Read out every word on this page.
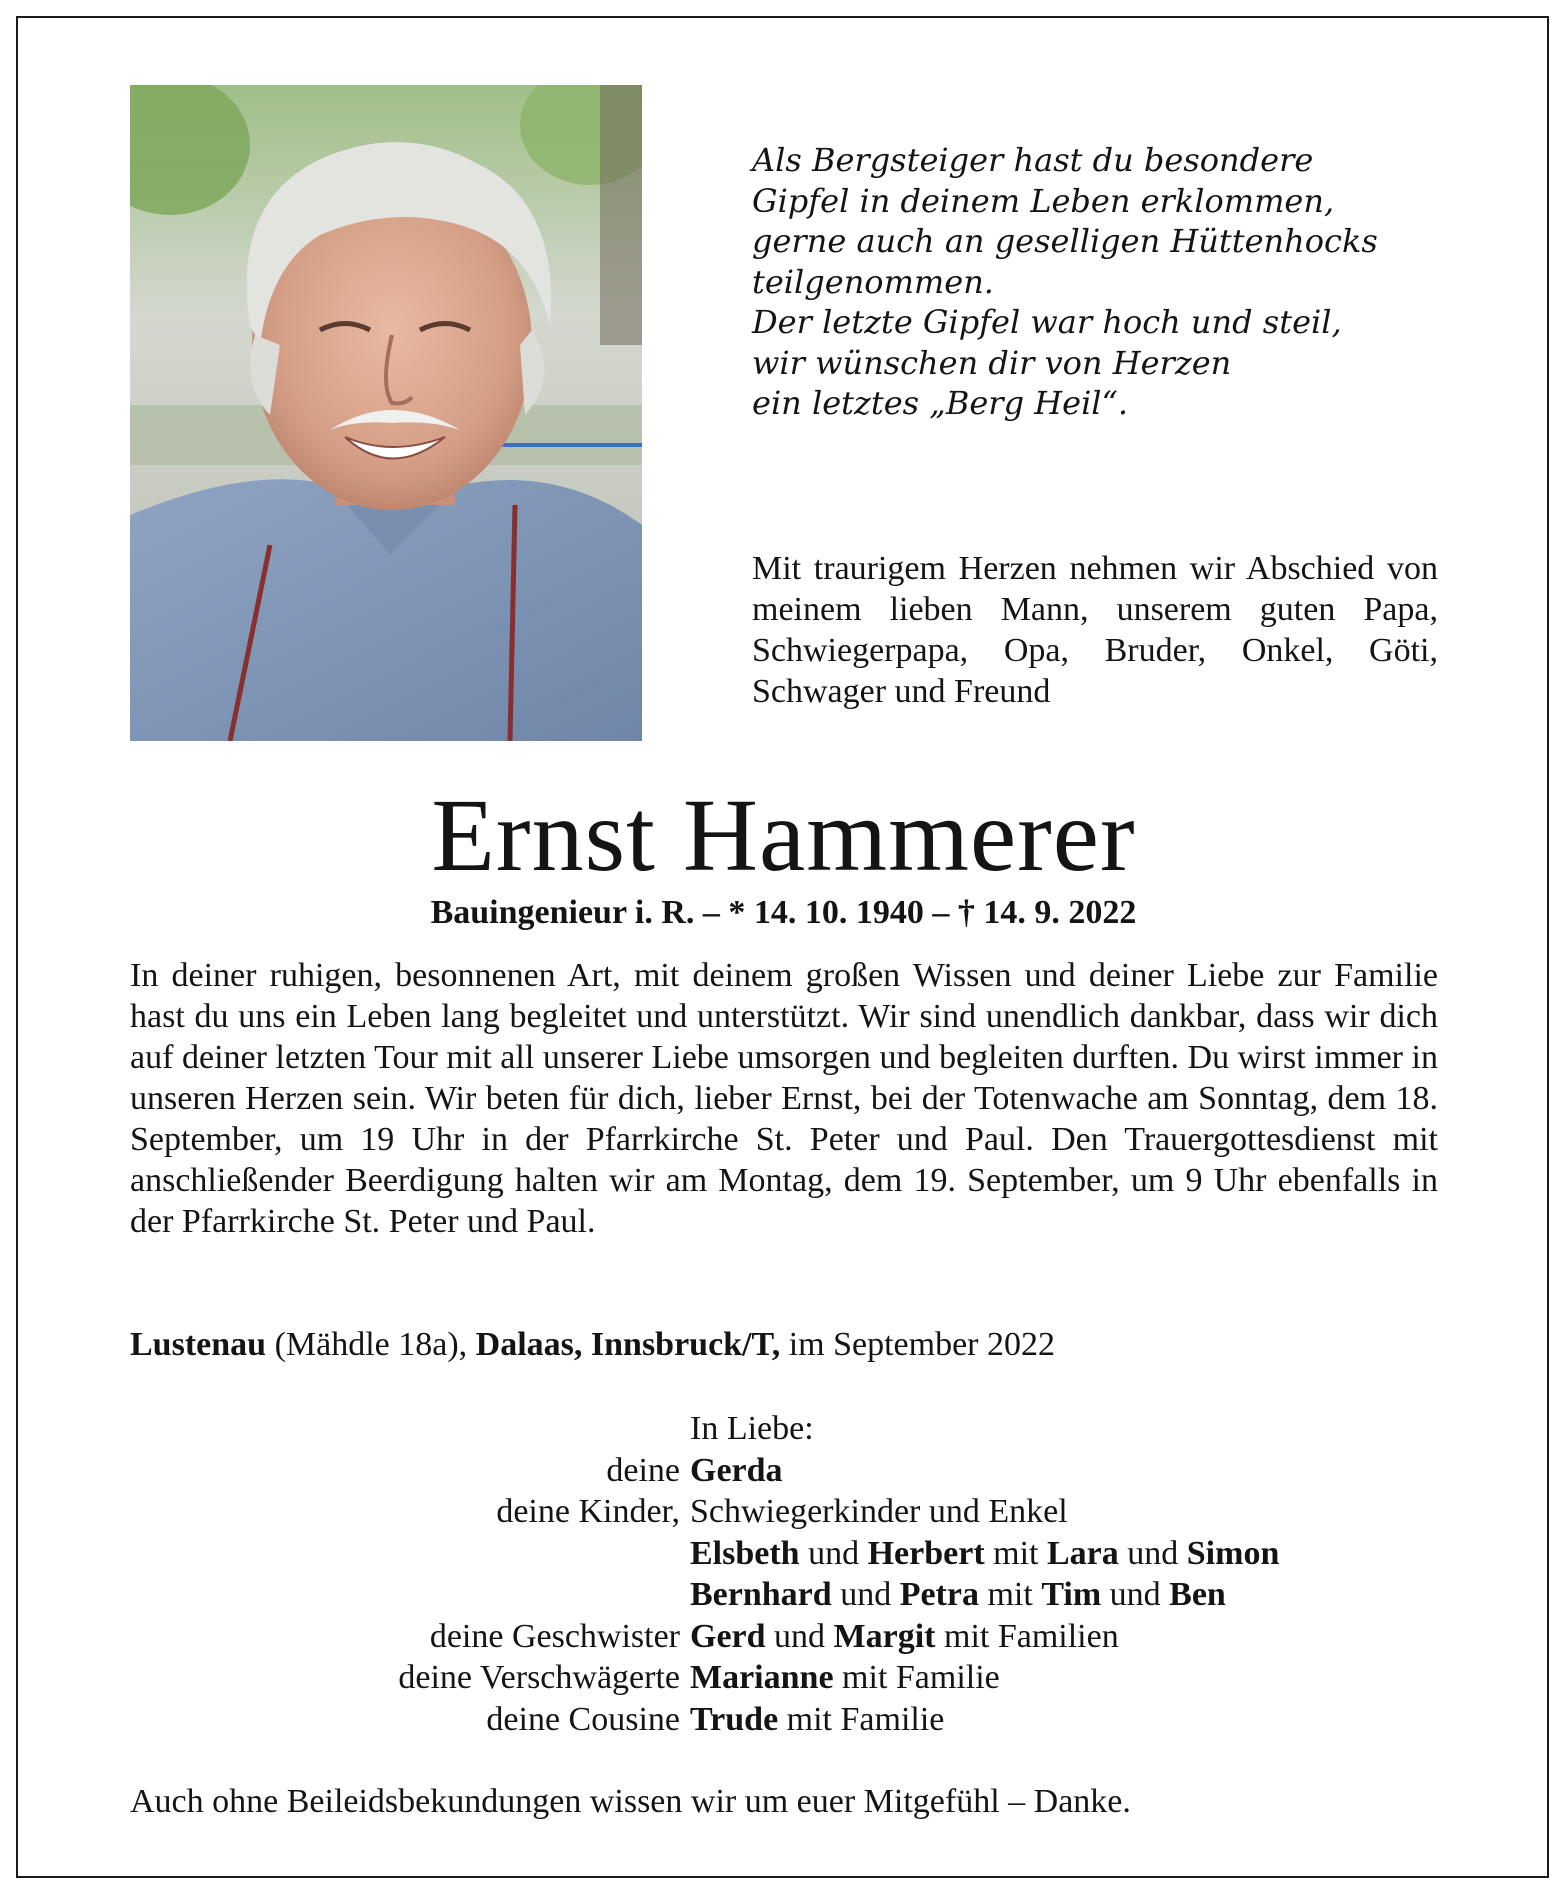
Als Bergsteiger hast du besondere
Gipfel in deinem Leben erklommen,
gerne auch an geselligen Hüttenhocks
teilgenommen.
Der letzte Gipfel war hoch und steil,
wir wünschen dir von Herzen
ein letztes „Berg Heil“.

Mit traurigem Herzen nehmen wir Abschied von meinem lieben Mann, unserem guten Papa, Schwiegerpapa, Opa, Bruder, Onkel, Göti, Schwager und Freund

Ernst Hammerer

Bauingenieur i. R. – * 14. 10. 1940 – † 14. 9. 2022

In deiner ruhigen, besonnenen Art, mit deinem großen Wissen und deiner Liebe zur Familie hast du uns ein Leben lang begleitet und unterstützt. Wir sind unendlich dankbar, dass wir dich auf deiner letzten Tour mit all unserer Liebe umsorgen und begleiten durften. Du wirst immer in unseren Herzen sein. Wir beten für dich, lieber Ernst, bei der Totenwache am Sonntag, dem 18. September, um 19 Uhr in der Pfarrkirche St. Peter und Paul. Den Trauergottesdienst mit anschließender Beerdigung halten wir am Montag, dem 19. September, um 9 Uhr ebenfalls in der Pfarrkirche St. Peter und Paul.

Lustenau (Mähdle 18a), Dalaas, Innsbruck/T, im September 2022

In Liebe:
deine Gerda
deine Kinder, Schwiegerkinder und Enkel
Elsbeth und Herbert mit Lara und Simon
Bernhard und Petra mit Tim und Ben
deine Geschwister Gerd und Margit mit Familien
deine Verschwägerte Marianne mit Familie
deine Cousine Trude mit Familie

Auch ohne Beileidsbekundungen wissen wir um euer Mitgefühl – Danke.
